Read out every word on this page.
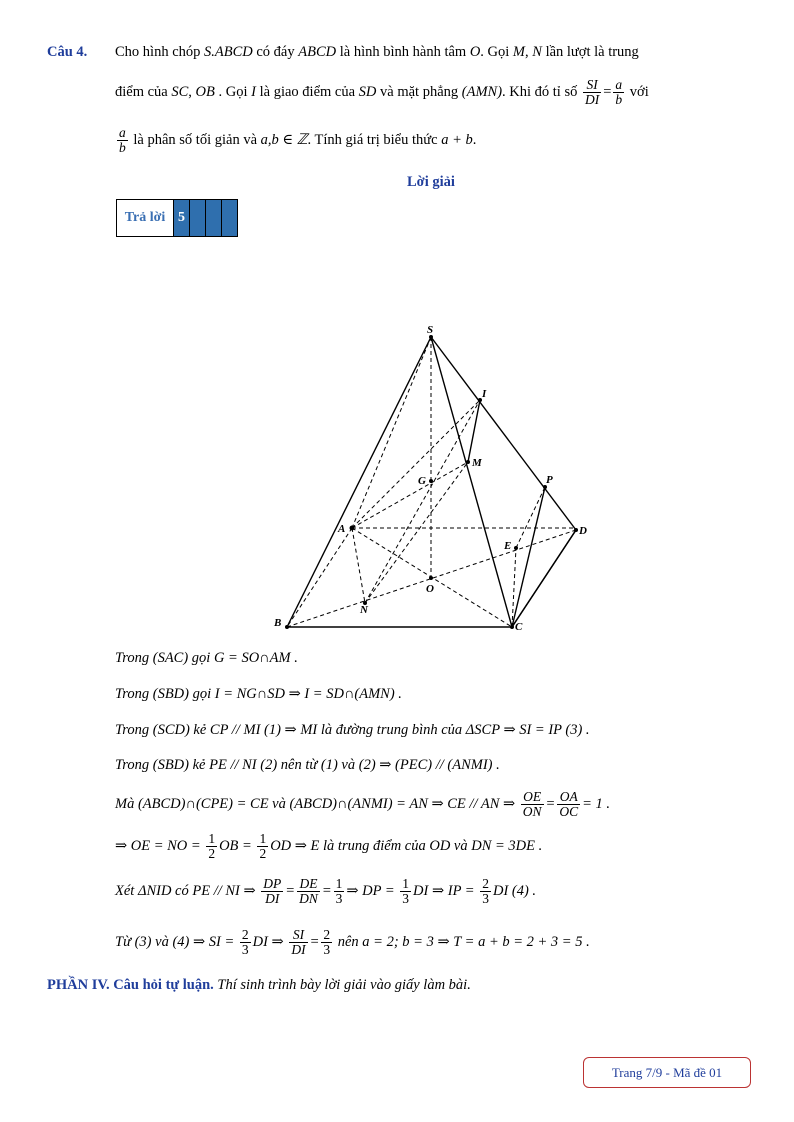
Câu 4. Cho hình chóp S.ABCD có đáy ABCD là hình bình hành tâm O. Gọi M, N lần lượt là trung
điểm của SC, OB . Gọi I là giao điểm của SD và mặt phẳng (AMN). Khi đó tỉ số $\frac{SI}{DI} = \frac{a}{b}$ với
$\frac{a}{b}$ là phân số tối giản và a,b ∈ ℤ. Tính giá trị biểu thức a + b.
Lời giải
Trả lời 5
S
I
M
G	P
A	D
E
O
N
B	C
Trong (SAC) gọi G = SO∩AM .
Trong (SBD) gọi I = NG∩SD ⇒ I = SD∩(AMN) .
Trong (SCD) kẻ CP // MI (1) ⇒ MI là đường trung bình của ΔSCP ⇒ SI = IP (3) .
Trong (SBD) kẻ PE // NI (2) nên từ (1) và (2) ⇒ (PEC) // (ANMI) .
Mà (ABCD)∩(CPE) = CE và (ABCD)∩(ANMI) = AN ⇒ CE // AN ⇒ $\frac{OE}{ON} = \frac{OA}{OC} = 1$ .
⇒ OE = NO = $\frac{1}{2}$ OB = $\frac{1}{2}$ OD ⇒ E là trung điểm của OD và DN = 3DE .
Xét ΔNID có PE // NI ⇒ $\frac{DP}{DI} = \frac{DE}{DN} = \frac{1}{3}$ ⇒ DP = $\frac{1}{3}$ DI ⇒ IP = $\frac{2}{3}$ DI (4) .
Từ (3) và (4) ⇒ SI = $\frac{2}{3}$ DI ⇒ $\frac{SI}{DI} = \frac{2}{3}$ nên a = 2; b = 3 ⇒ T = a + b = 2 + 3 = 5 .
PHẦN IV. Câu hỏi tự luận. Thí sinh trình bày lời giải vào giấy làm bài.
Trang 7/9 - Mã đề 01
